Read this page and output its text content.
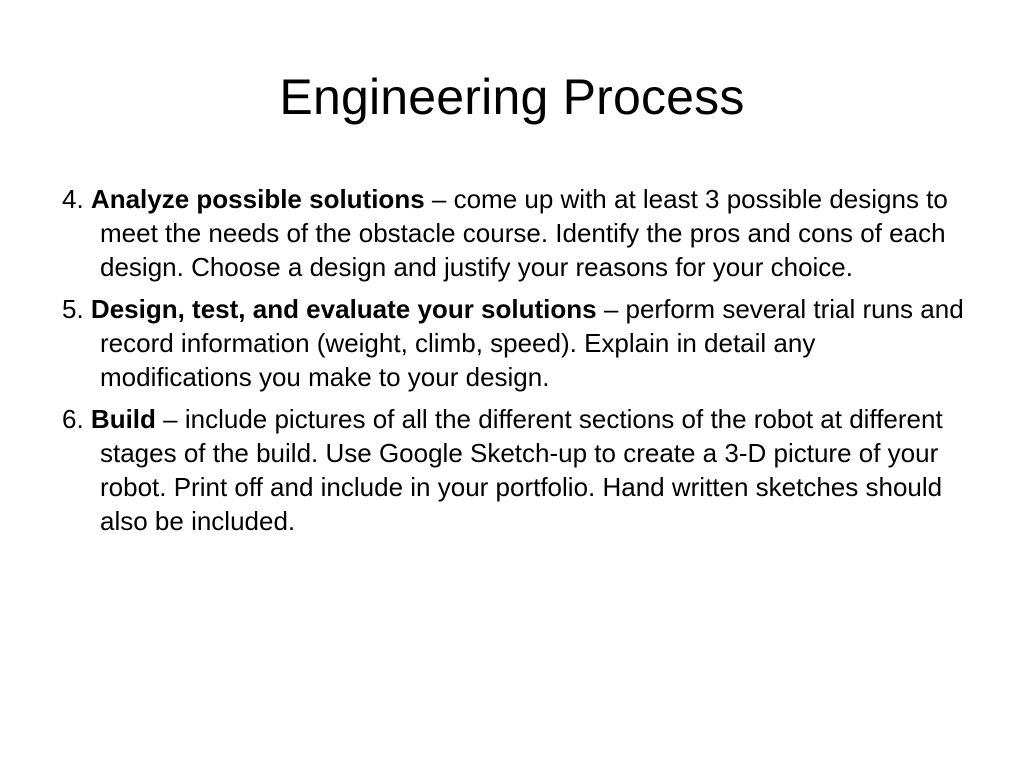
Engineering Process
4. Analyze possible solutions – come up with at least 3 possible designs to meet the needs of the obstacle course. Identify the pros and cons of each design. Choose a design and justify your reasons for your choice.
5. Design, test, and evaluate your solutions – perform several trial runs and record information (weight, climb, speed). Explain in detail any modifications you make to your design.
6. Build – include pictures of all the different sections of the robot at different stages of the build. Use Google Sketch-up to create a 3-D picture of your robot. Print off and include in your portfolio. Hand written sketches should also be included.
